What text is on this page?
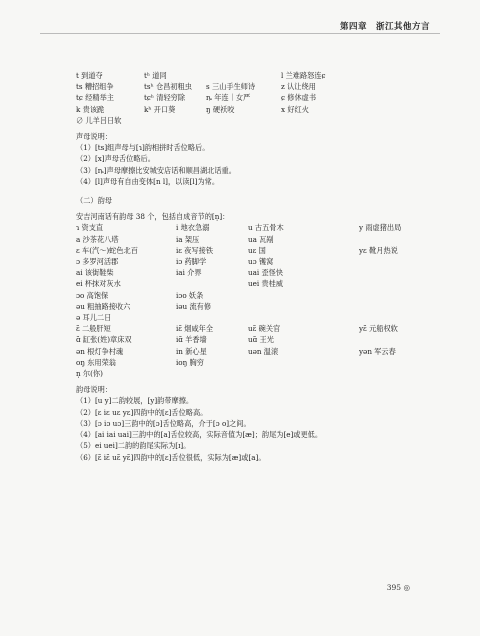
第四章　浙江其他方言
t 到道夺	tʰ 道同	l 兰难路怒连ɕ
ts 糟招组争	tsʰ 仓昌初粗虫	s 三山手生师诗	z 认让绕用
tɕ 经精举主	tɕʰ 清轻穷除	ȵ 年连｜女严	ɕ 修休虚书
k 贵该跪	kʰ 开口葵	ŋ 硬袄咬	x 好红火
∅ 儿羊吕日软
声母说明：
（1）[ts]组声母与[ɿ]韵相拼时舌位略后。
（2）[x]声母舌位略后。
（3）[ȵ]声母摩擦比安城安店话和顺昌湖北话重。
（4）[l]声母有自由变体[n l]，以读[l]为常。
（二）韵母
安吉河南话有韵母 38 个，包括自成音节的[n̩]：
ɿ 资支直	i 地衣急溺	u 古五骨木	y 雨虚猪出局
a 沙茶花八塔	ia 架压	ua 瓦剐
ɛ 车(汽～)蛇色北百	iɛ 夜写接铁	uɛ 国	yɛ 靴月热说
ɔ 多罗河活郡	iɔ 药脚学	uɔ 镬窝
ai 该街鞋柴	iai 介界	uai 歪怪快
ei 杯抹对灰水	uei 贵桂威
ɔo 高饱保	iɔo 妖条
əu 粗抽路接收六	iəu 流有修
ə 耳儿二日
ɛ̃ 二般肝短	iɛ̃ 烟咸年全	uɛ̃ 碗关官	yɛ̃ 元船权软
ɑ̃ 缸张(姓)章床双	iɑ̃ 羊香墙	uɑ̃ 王光
ən 根灯争村魂	in 新心星	uən 温滚	yən 军云春
oŋ 东用荣翁	ioŋ 胸穷
n̩ 尔(你)
韵母说明：
（1）[u y]二韵较展，[y]韵带摩擦。
（2）[ɛ iɛ uɛ yɛ]四韵中的[ɛ]舌位略高。
（3）[ɔ iɔ uɔ]三韵中的[ɔ]舌位略高，介于[ɔ o]之间。
（4）[ai iai uai]三韵中的[a]舌位较高，实际音值为[æ]；韵尾为[e]或更低。
（5）ei uei]二韵的韵尾实际为[ɪ]。
（6）[ɛ̃ iɛ̃ uɛ̃ yɛ̃]四韵中的[ɛ]舌位很低，实际为[æ]或[a]。
395 ◎
